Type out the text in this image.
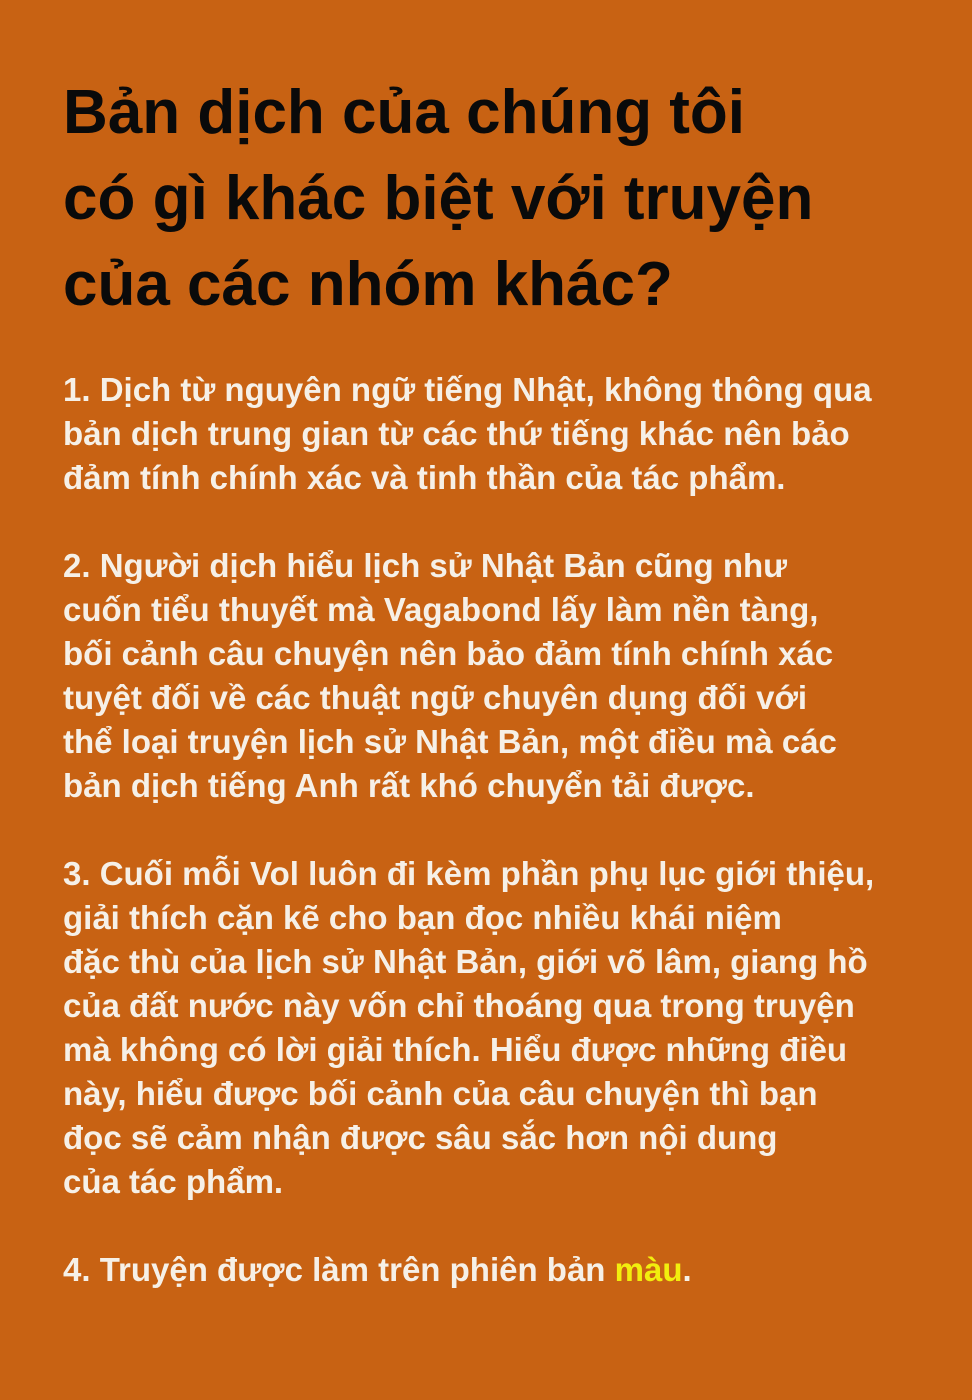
Bản dịch của chúng tôi
có gì khác biệt với truyện
của các nhóm khác?
1. Dịch từ nguyên ngữ tiếng Nhật, không thông qua
bản dịch trung gian từ các thứ tiếng khác nên bảo
đảm tính chính xác và tinh thần của tác phẩm.
2. Người dịch hiểu lịch sử Nhật Bản cũng như
cuốn tiểu thuyết mà Vagabond lấy làm nền tàng,
bối cảnh câu chuyện nên bảo đảm tính chính xác
tuyệt đối về các thuật ngữ chuyên dụng đối với
thể loại truyện lịch sử Nhật Bản, một điều mà các
bản dịch tiếng Anh rất khó chuyển tải được.
3. Cuối mỗi Vol luôn đi kèm phần phụ lục giới thiệu,
giải thích cặn kẽ cho bạn đọc nhiều khái niệm
đặc thù của lịch sử Nhật Bản, giới võ lâm, giang hồ
của đất nước này vốn chỉ thoáng qua trong truyện
mà không có lời giải thích. Hiểu được những điều
này, hiểu được bối cảnh của câu chuyện thì bạn
đọc sẽ cảm nhận được sâu sắc hơn nội dung
của tác phẩm.
4. Truyện được làm trên phiên bản màu.
